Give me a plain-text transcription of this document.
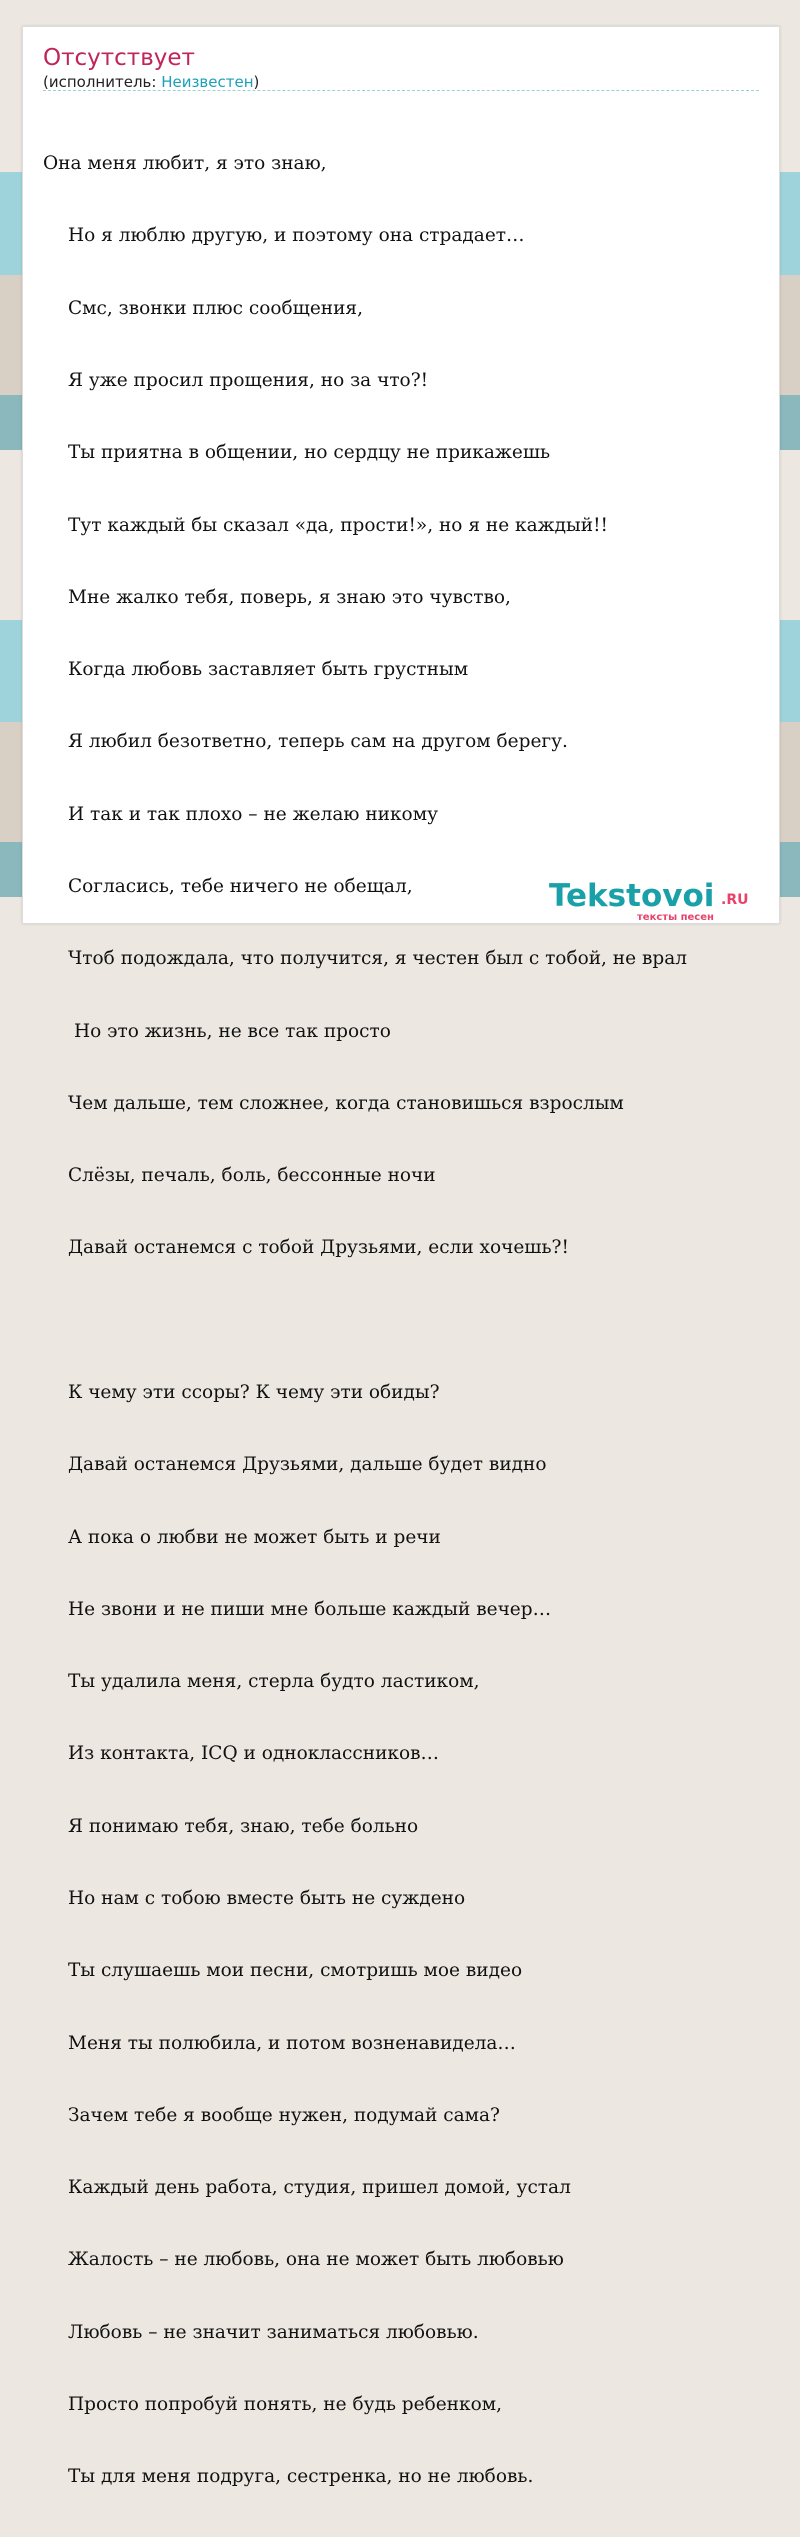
Отсутствует
(исполнитель: Неизвестен)

Она меня любит, я это знаю,

Но я люблю другую, и поэтому она страдает…

Смс, звонки плюс сообщения,

Я уже просил прощения, но за что?!

Ты приятна в общении, но сердцу не прикажешь

Тут каждый бы сказал «да, прости!», но я не каждый!!

Мне жалко тебя, поверь, я знаю это чувство,

Когда любовь заставляет быть грустным

Я любил безответно, теперь сам на другом берегу.

И так и так плохо – не желаю никому

Согласись, тебе ничего не обещал,

Чтоб подождала, что получится, я честен был с тобой, не врал

Но это жизнь, не все так просто

Чем дальше, тем сложнее, когда становишься взрослым

Слёзы, печаль, боль, бессонные ночи

Давай останемся с тобой Друзьями, если хочешь?!

К чему эти ссоры? К чему эти обиды?

Давай останемся Друзьями, дальше будет видно

А пока о любви не может быть и речи

Не звони и не пиши мне больше каждый вечер…

Ты удалила меня, стерла будто ластиком,

Из контакта, ICQ и одноклассников…

Я понимаю тебя, знаю, тебе больно

Но нам с тобою вместе быть не суждено

Ты слушаешь мои песни, смотришь мое видео

Меня ты полюбила, и потом возненавидела…

Зачем тебе я вообще нужен, подумай сама?

Каждый день работа, студия, пришел домой, устал

Жалость – не любовь, она не может быть любовью

Любовь – не значит заниматься любовью.

Просто попробуй понять, не будь ребенком,

Ты для меня подруга, сестренка, но не любовь.

Tekstovoi .RU
тексты песен
